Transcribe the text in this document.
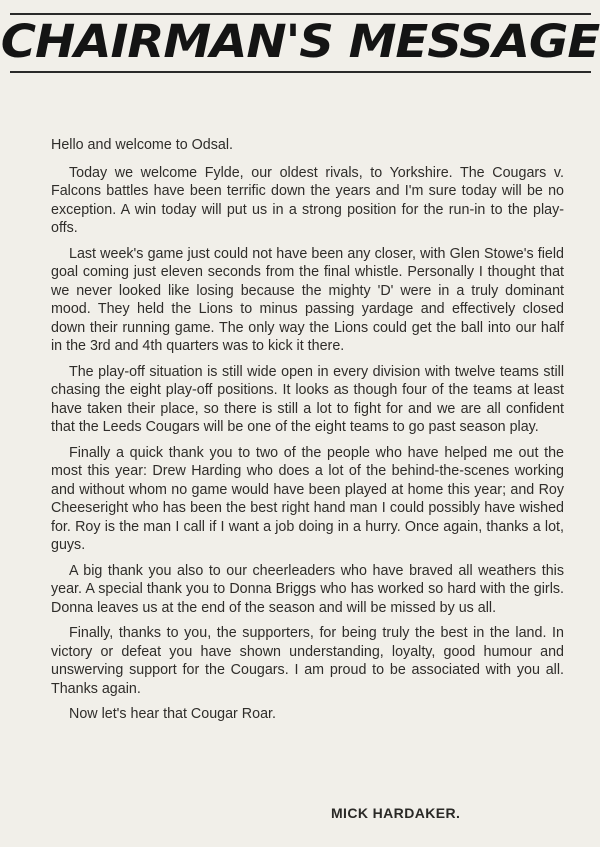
CHAIRMAN'S MESSAGE

Hello and welcome to Odsal.

Today we welcome Fylde, our oldest rivals, to Yorkshire. The Cougars v. Falcons battles have been terrific down the years and I'm sure today will be no exception. A win today will put us in a strong position for the run-in to the play-offs.

Last week's game just could not have been any closer, with Glen Stowe's field goal coming just eleven seconds from the final whistle. Personally I thought that we never looked like losing because the mighty 'D' were in a truly dominant mood. They held the Lions to minus passing yardage and effectively closed down their running game. The only way the Lions could get the ball into our half in the 3rd and 4th quarters was to kick it there.

The play-off situation is still wide open in every division with twelve teams still chasing the eight play-off positions. It looks as though four of the teams at least have taken their place, so there is still a lot to fight for and we are all confident that the Leeds Cougars will be one of the eight teams to go past season play.

Finally a quick thank you to two of the people who have helped me out the most this year: Drew Harding who does a lot of the behind-the-scenes working and without whom no game would have been played at home this year; and Roy Cheeseright who has been the best right hand man I could possibly have wished for. Roy is the man I call if I want a job doing in a hurry. Once again, thanks a lot, guys.

A big thank you also to our cheerleaders who have braved all weathers this year. A special thank you to Donna Briggs who has worked so hard with the girls. Donna leaves us at the end of the season and will be missed by us all.

Finally, thanks to you, the supporters, for being truly the best in the land. In victory or defeat you have shown understanding, loyalty, good humour and unswerving support for the Cougars. I am proud to be associated with you all. Thanks again.

Now let's hear that Cougar Roar.

MICK HARDAKER.
